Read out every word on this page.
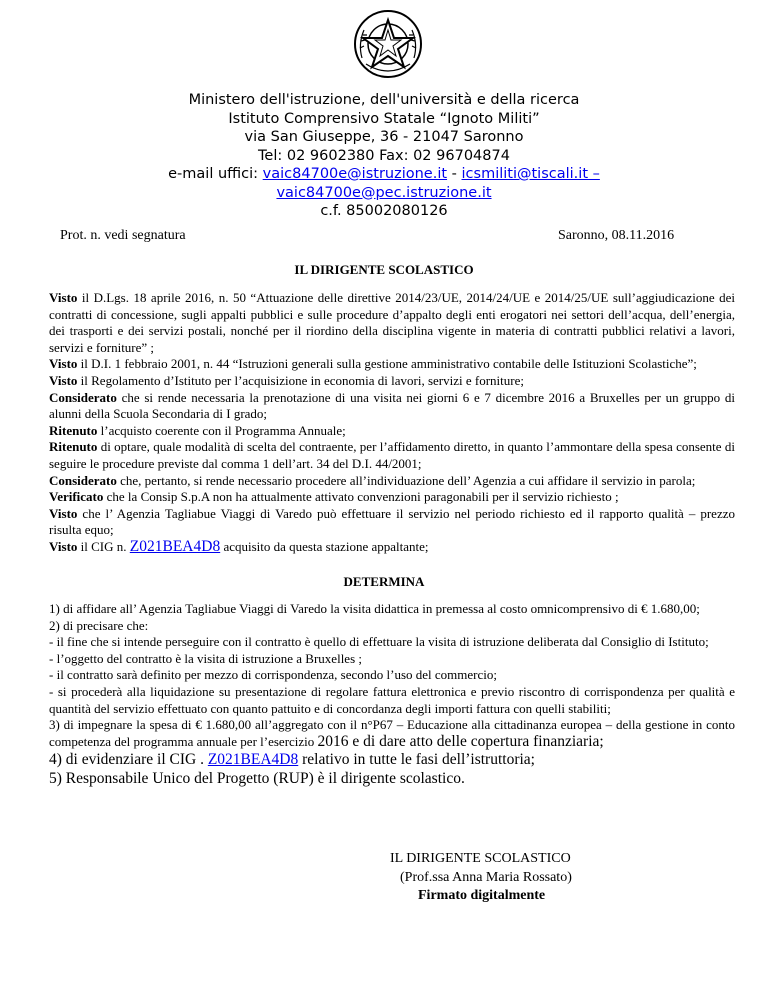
Ministero dell'istruzione, dell'università e della ricerca
Istituto Comprensivo Statale “Ignoto Militi”
via San Giuseppe, 36 - 21047 Saronno
Tel: 02 9602380 Fax: 02 96704874
e-mail uffici: vaic84700e@istruzione.it - icsmiliti@tiscali.it –
vaic84700e@pec.istruzione.it
c.f. 85002080126
Prot. n. vedi segnatura	Saronno, 08.11.2016
IL DIRIGENTE SCOLASTICO

Visto il D.Lgs. 18 aprile 2016, n. 50 “Attuazione delle direttive 2014/23/UE, 2014/24/UE e 2014/25/UE sull’aggiudicazione dei contratti di concessione, sugli appalti pubblici e sulle procedure d’appalto degli enti erogatori nei settori dell’acqua, dell’energia, dei trasporti e dei servizi postali, nonché per il riordino della disciplina vigente in materia di contratti pubblici relativi a lavori, servizi e forniture” ;

Visto il D.I. 1 febbraio 2001, n. 44 “Istruzioni generali sulla gestione amministrativo contabile delle Istituzioni Scolastiche”;

Visto il Regolamento d’Istituto per l’acquisizione in economia di lavori, servizi e forniture;

Considerato che si rende necessaria la prenotazione di una visita nei giorni 6 e 7 dicembre 2016 a Bruxelles per un gruppo di alunni della Scuola Secondaria di I grado;

Ritenuto l’acquisto coerente con il Programma Annuale;

Ritenuto di optare, quale modalità di scelta del contraente, per l’affidamento diretto, in quanto l’ammontare della spesa consente di seguire le procedure previste dal comma 1 dell’art. 34 del D.I. 44/2001;

Considerato che, pertanto, si rende necessario procedere all’individuazione dell’ Agenzia a cui affidare il servizio in parola;

Verificato che la Consip S.p.A non ha attualmente attivato convenzioni paragonabili per il servizio richiesto ;

Visto che l’ Agenzia Tagliabue Viaggi di Varedo può effettuare il servizio nel periodo richiesto ed il rapporto qualità – prezzo risulta equo;

Visto il CIG n. Z021BEA4D8 acquisito da questa stazione appaltante;

DETERMINA

1) di affidare all’ Agenzia Tagliabue Viaggi di Varedo la visita didattica in premessa al costo omnicomprensivo di € 1.680,00;

2) di precisare che:

- il fine che si intende perseguire con il contratto è quello di effettuare la visita di istruzione deliberata dal Consiglio di Istituto;

- l’oggetto del contratto è la visita di istruzione a Bruxelles ;

- il contratto sarà definito per mezzo di corrispondenza, secondo l’uso del commercio;

- si procederà alla liquidazione su presentazione di regolare fattura elettronica e previo riscontro di corrispondenza per qualità e quantità del servizio effettuato con quanto pattuito e di concordanza degli importi fattura con quelli stabiliti;

3) di impegnare la spesa di € 1.680,00 all’aggregato con il n°P67 – Educazione alla cittadinanza europea – della gestione in conto competenza del programma annuale per l’esercizio 2016 e di dare atto delle copertura finanziaria;

4) di evidenziare il CIG . Z021BEA4D8 relativo in tutte le fasi dell’istruttoria;

5) Responsabile Unico del Progetto (RUP) è il dirigente scolastico.

IL DIRIGENTE SCOLASTICO
(Prof.ssa Anna Maria Rossato)
Firmato digitalmente
